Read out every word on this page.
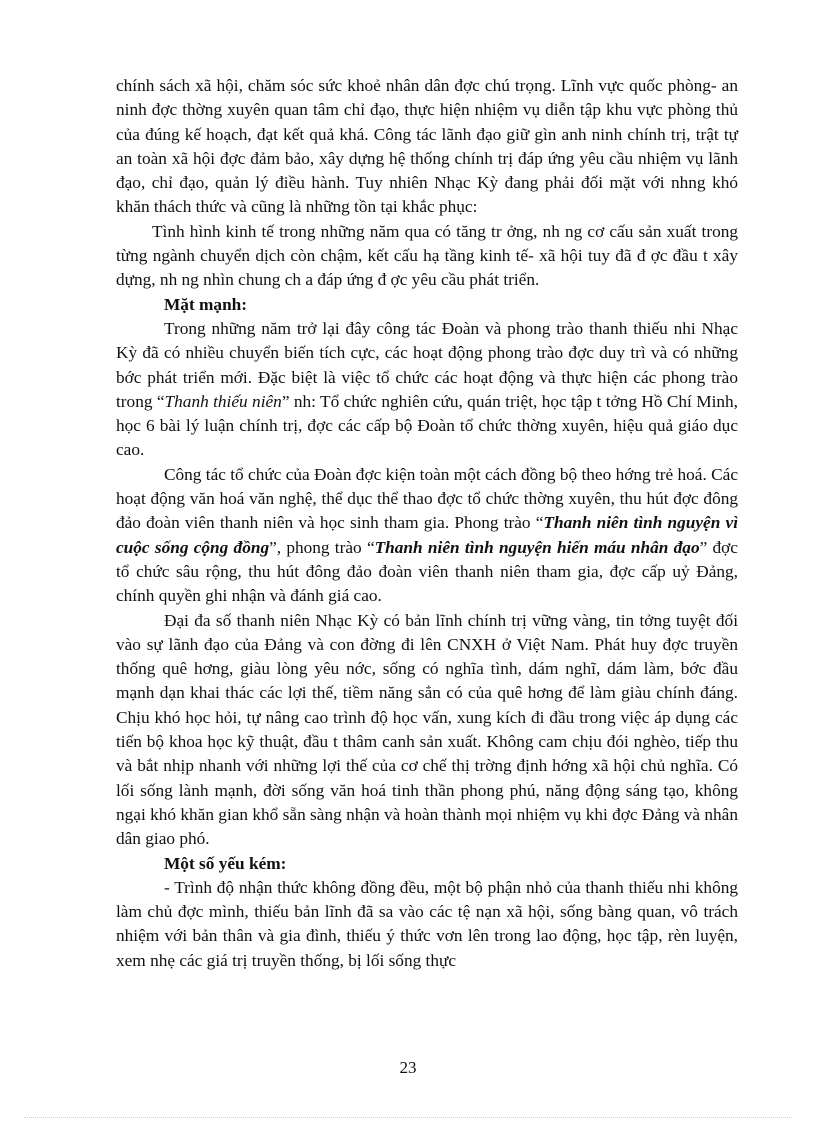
chính sách xã hội, chăm sóc sức khoẻ nhân dân đợc chú trọng. Lĩnh vực quốc phòng- an ninh đợc thờng xuyên quan tâm chỉ đạo, thực hiện nhiệm vụ diễn tập khu vực phòng thủ của đúng kế hoạch, đạt kết quả khá. Công tác lãnh đạo giữ gìn anh ninh chính trị, trật tự an toàn xã hội đợc đảm bảo, xây dựng hệ thống chính trị đáp ứng yêu cầu nhiệm vụ lãnh đạo, chỉ đạo, quản lý điều hành. Tuy nhiên Nhạc Kỳ đang phải đối mặt với nhng khó khăn thách thức và cũng là những tồn tại khắc phục:

Tình hình kinh tế trong những năm qua có tăng tr ởng, nh ng cơ cấu sản xuất trong từng ngành chuyển dịch còn chậm, kết cấu hạ tầng kinh tế- xã hội tuy đã đ ợc đầu t xây dựng, nh ng nhìn chung ch a đáp ứng đ ợc yêu cầu phát triển.

Mặt mạnh:

Trong những năm trở lại đây công tác Đoàn và phong trào thanh thiếu nhi Nhạc Kỳ đã có nhiều chuyển biến tích cực, các hoạt động phong trào đợc duy trì và có những bớc phát triển mới. Đặc biệt là việc tổ chức các hoạt động và thực hiện các phong trào trong “Thanh thiếu niên” nh: Tổ chức nghiên cứu, quán triệt, học tập t tởng Hồ Chí Minh, học 6 bài lý luận chính trị, đợc các cấp bộ Đoàn tổ chức thờng xuyên, hiệu quả giáo dục cao.

Công tác tổ chức của Đoàn đợc kiện toàn một cách đồng bộ theo hớng trẻ hoá. Các hoạt động văn hoá văn nghệ, thể dục thể thao đợc tổ chức thờng xuyên, thu hút đợc đông đảo đoàn viên thanh niên và học sinh tham gia. Phong trào “Thanh niên tình nguyện vì cuộc sống cộng đồng”, phong trào “Thanh niên tình nguyện hiến máu nhân đạo” đợc tổ chức sâu rộng, thu hút đông đảo đoàn viên thanh niên tham gia, đợc cấp uỷ Đảng, chính quyền ghi nhận và đánh giá cao.

Đại đa số thanh niên Nhạc Kỳ có bản lĩnh chính trị vững vàng, tin tởng tuyệt đối vào sự lãnh đạo của Đảng và con đờng đi lên CNXH ở Việt Nam. Phát huy đợc truyền thống quê hơng, giàu lòng yêu nớc, sống có nghĩa tình, dám nghĩ, dám làm, bớc đầu mạnh dạn khai thác các lợi thế, tiềm năng sẳn có của quê hơng để làm giàu chính đáng. Chịu khó học hỏi, tự nâng cao trình độ học vấn, xung kích đi đầu trong việc áp dụng các tiến bộ khoa học kỹ thuật, đầu t thâm canh sản xuất. Không cam chịu đói nghèo, tiếp thu và bắt nhịp nhanh với những lợi thế của cơ chế thị trờng định hớng xã hội chủ nghĩa. Có lối sống lành mạnh, đời sống văn hoá tinh thần phong phú, năng động sáng tạo, không ngại khó khăn gian khổ sẵn sàng nhận và hoàn thành mọi nhiệm vụ khi đợc Đảng và nhân dân giao phó.

Một số yếu kém:

- Trình độ nhận thức không đồng đều, một bộ phận nhỏ của thanh thiếu nhi không làm chủ đợc mình, thiếu bản lĩnh đã sa vào các tệ nạn xã hội, sống bàng quan, vô trách nhiệm với bản thân và gia đình, thiếu ý thức vơn lên trong lao động, học tập, rèn luyện, xem nhẹ các giá trị truyền thống, bị lối sống thực

23
